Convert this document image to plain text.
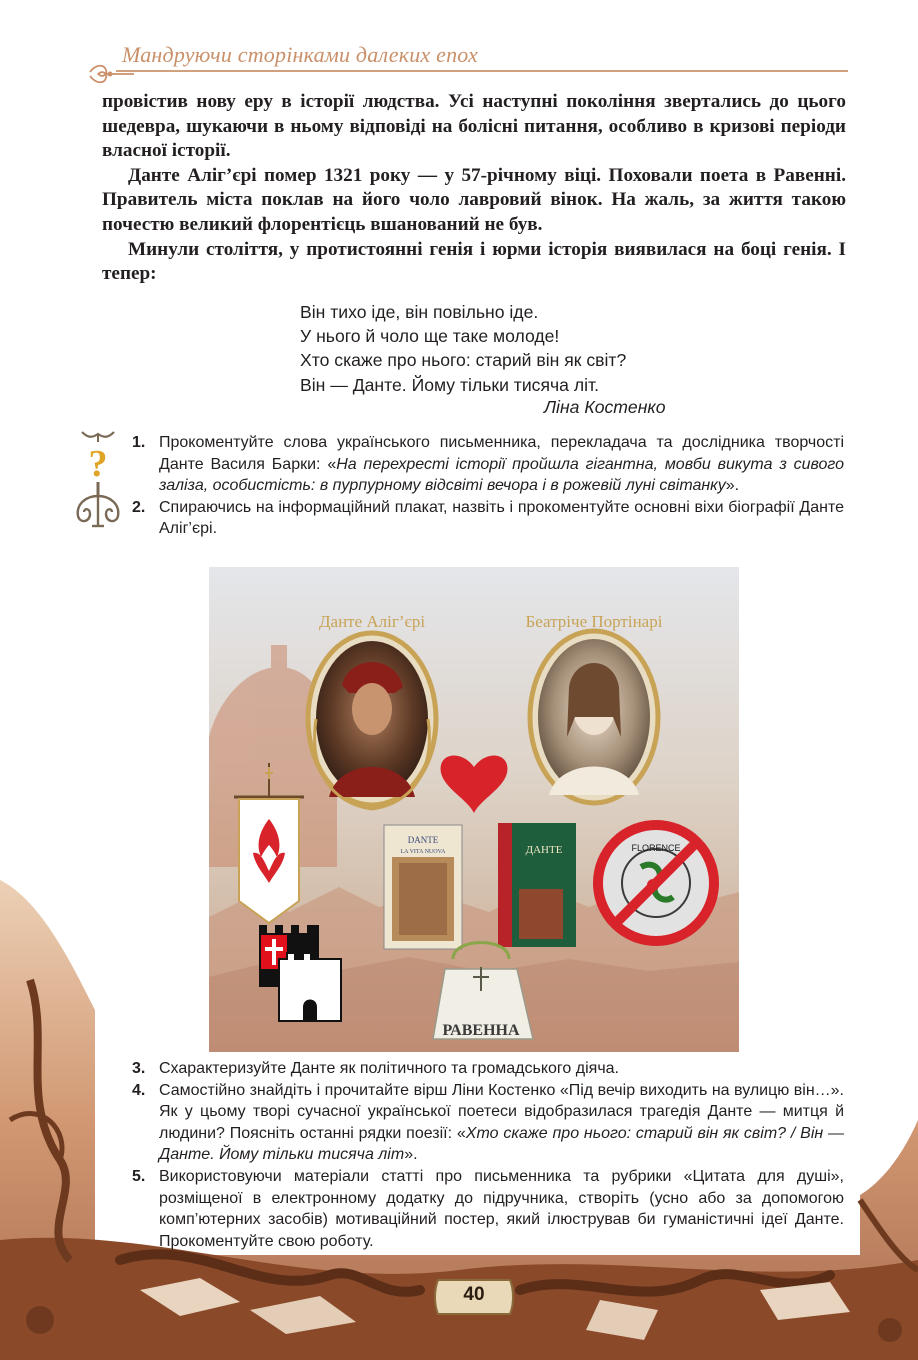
Мандруючи сторінками далеких епох

провістив нову еру в історії людства. Усі наступні покоління звертались до цього шедевра, шукаючи в ньому відповіді на болісні питання, особливо в кризові періоди власної історії.

Данте Аліг’єрі помер 1321 року — у 57-річному віці. Поховали поета в Равенні. Правитель міста поклав на його чоло лавровий вінок. На жаль, за життя такою почестю великий флорентієць вшанований не був.

Минули століття, у протистоянні генія і юрми історія виявилася на боці генія. І тепер:

Він тихо іде, він повільно іде.
У нього й чоло ще таке молоде!
Хто скаже про нього: старий він як світ?
Він — Данте. Йому тільки тисяча літ.
Ліна Костенко
?
1. Прокоментуйте слова українського письменника, перекладача та дослідника творчості Данте Василя Барки: «На перехресті історії пройшла гігантна, мовби викута з сивого заліза, особистість: в пурпурному відсвіті вечора і в рожевій луні світанку».
2. Спираючись на інформаційний плакат, назвіть і прокоментуйте основні віхи біографії Данте Аліг’єрі.
Данте Аліг’єрі	Беатріче Портінарі
DANTE
LA VITA NUOVA	ДАНТЕ	FLORENCE
РАВЕННА
3. Схарактеризуйте Данте як політичного та громадського діяча.
4. Самостійно знайдіть і прочитайте вірш Ліни Костенко «Під вечір виходить на вулицю він…». Як у цьому творі сучасної української поетеси відобразилася трагедія Данте — митця й людини? Поясніть останні рядки поезії: «Хто скаже про нього: старий він як світ? / Він — Данте. Йому тільки тисяча літ».
5. Використовуючи матеріали статті про письменника та рубрики «Цитата для душі», розміщеної в електронному додатку до підручника, створіть (усно або за допомогою комп’ютерних засобів) мотиваційний постер, який ілюстрував би гуманістичні ідеї Данте. Прокоментуйте свою роботу.
40
